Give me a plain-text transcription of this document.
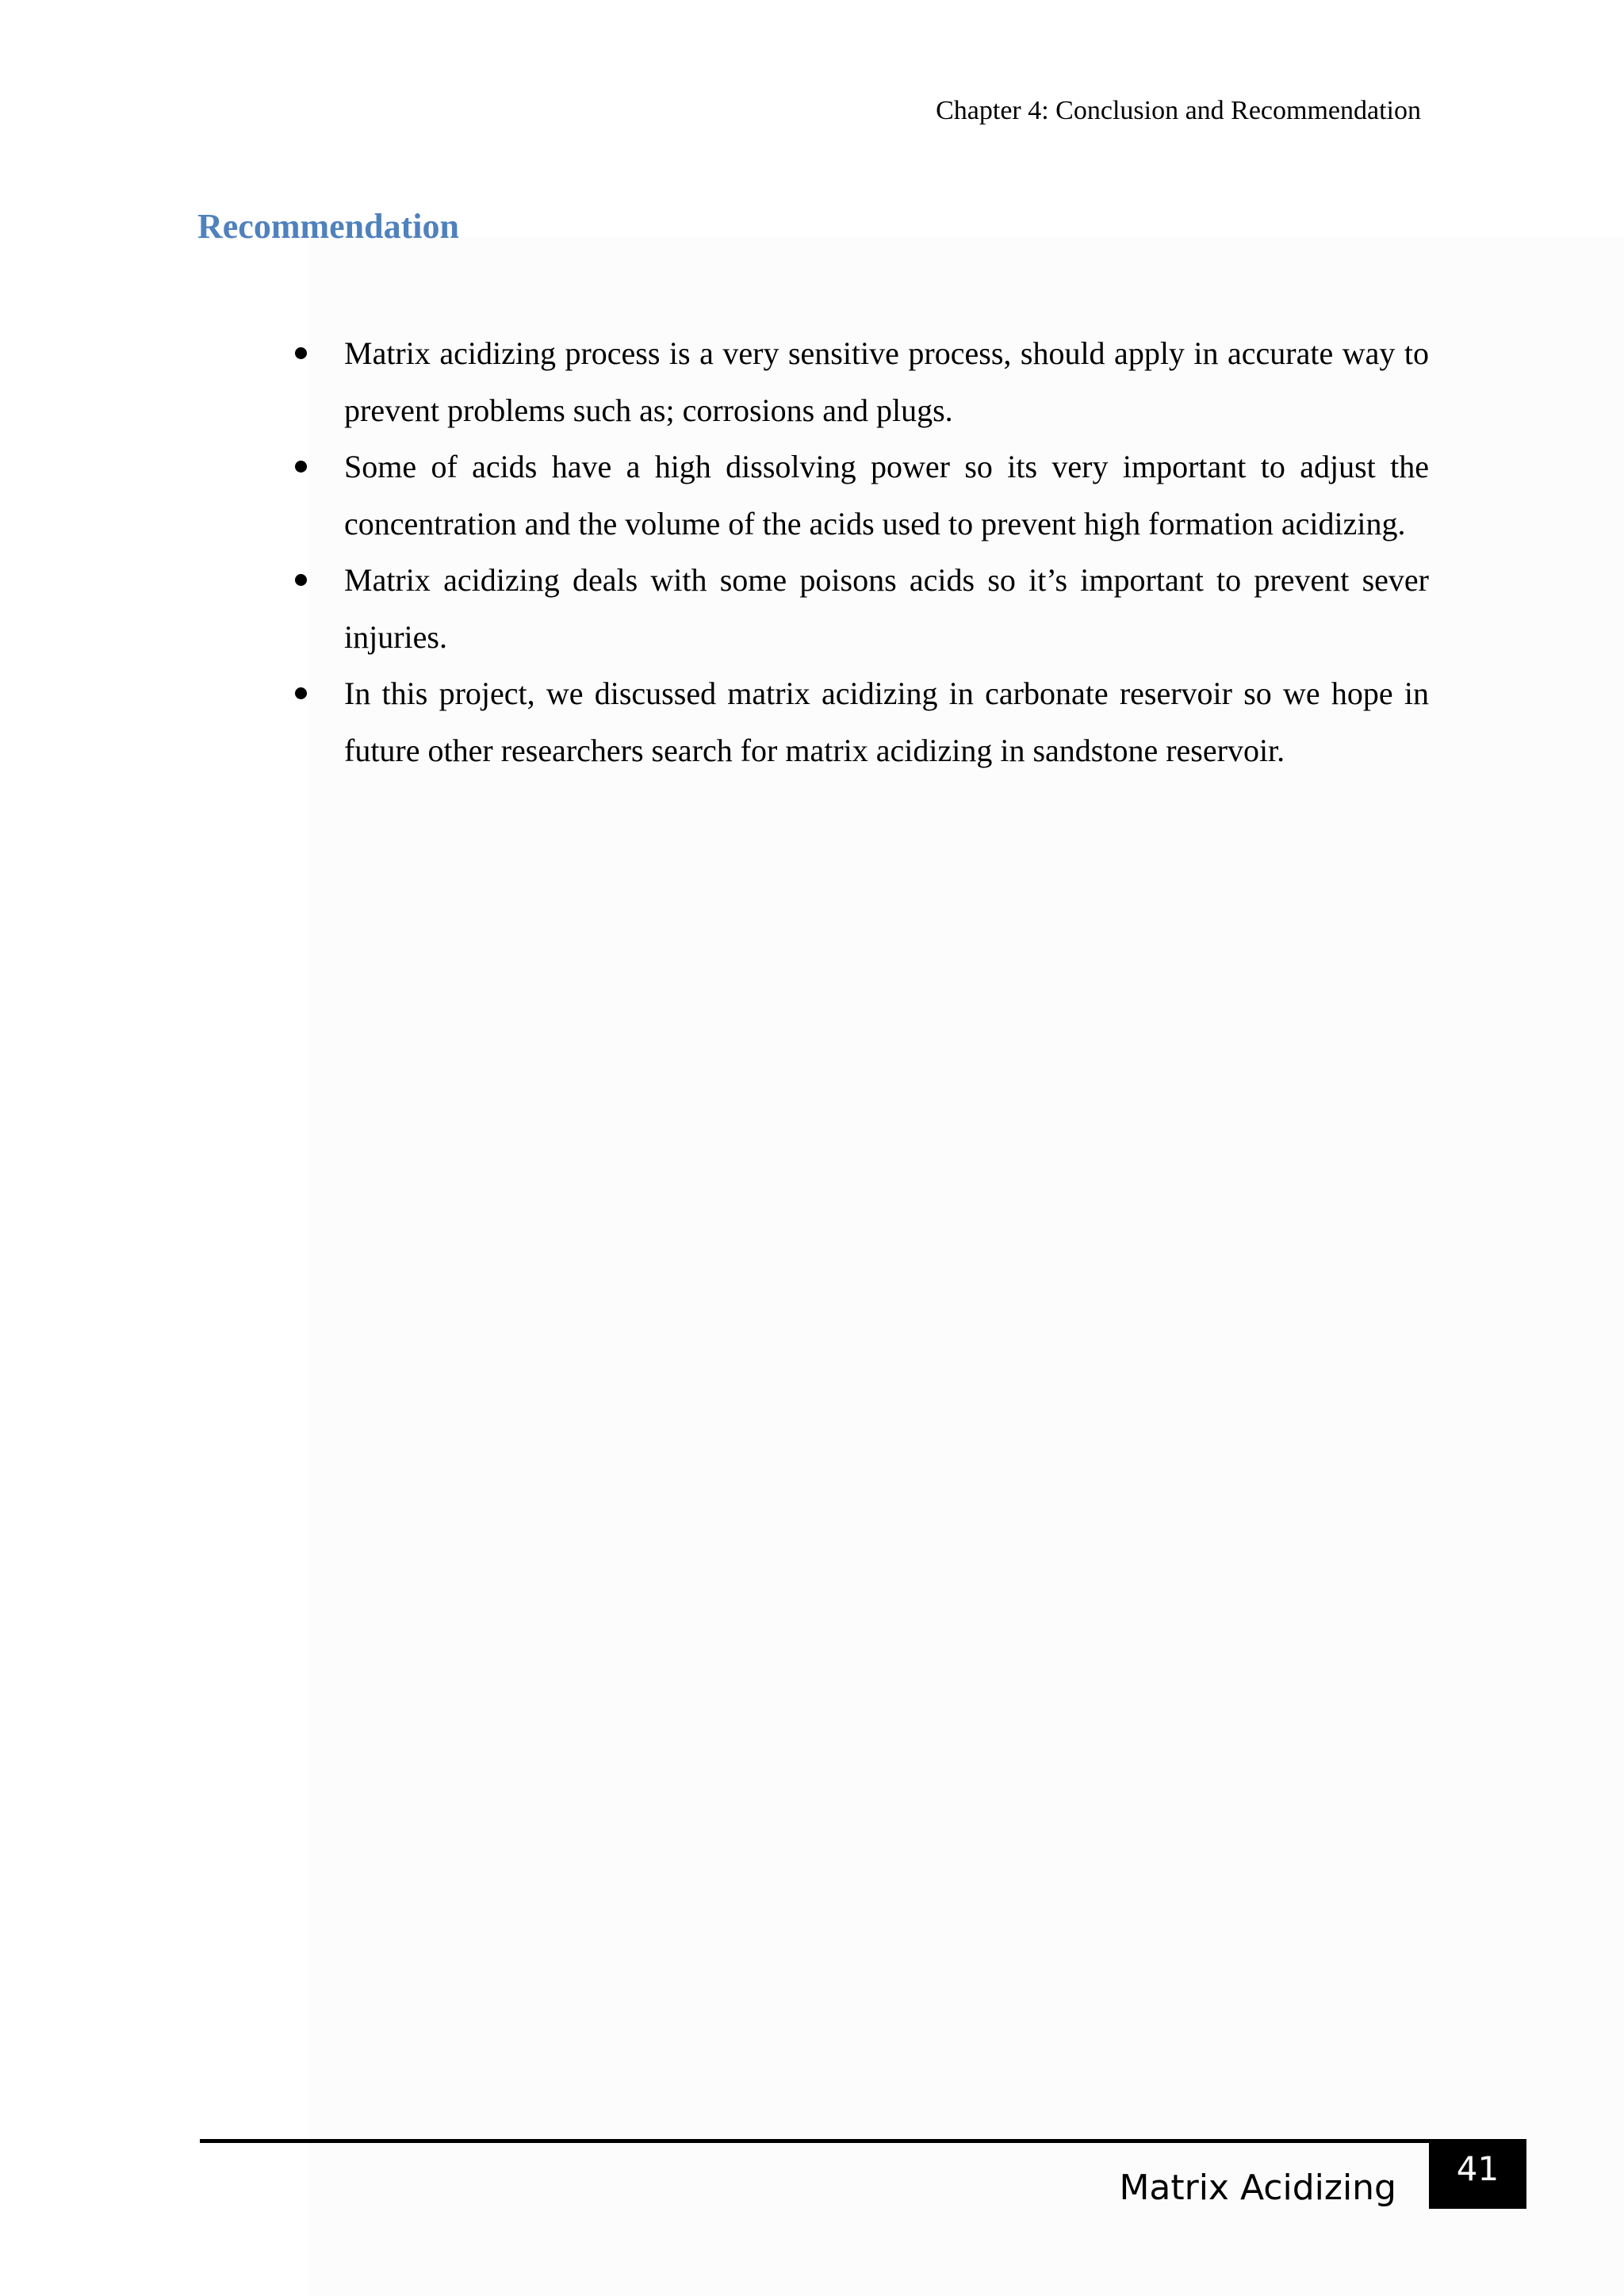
Chapter 4: Conclusion and Recommendation
Recommendation
Matrix acidizing process is a very sensitive process, should apply in accurate way to prevent problems such as; corrosions and plugs.
Some of acids have a high dissolving power so its very important to adjust the concentration and the volume of the acids used to prevent high formation acidizing.
Matrix acidizing deals with some poisons acids so it’s important to prevent sever injuries.
In this project, we discussed matrix acidizing in carbonate reservoir so we hope in future other researchers search for matrix acidizing in sandstone reservoir.
Matrix Acidizing	41
